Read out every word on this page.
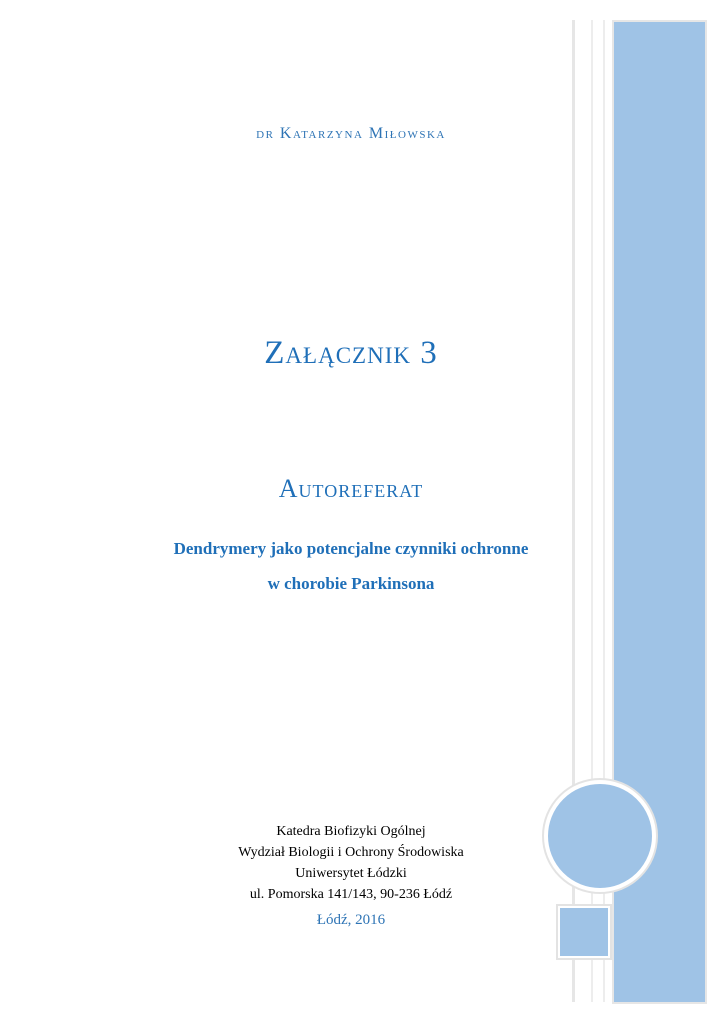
dr Katarzyna Miłowska
Załącznik 3
Autoreferat
Dendrymery jako potencjalne czynniki ochronne
w chorobie Parkinsona
Katedra Biofizyki Ogólnej
Wydział Biologii i Ochrony Środowiska
Uniwersytet Łódzki
ul. Pomorska 141/143, 90-236 Łódź
Łódź, 2016
